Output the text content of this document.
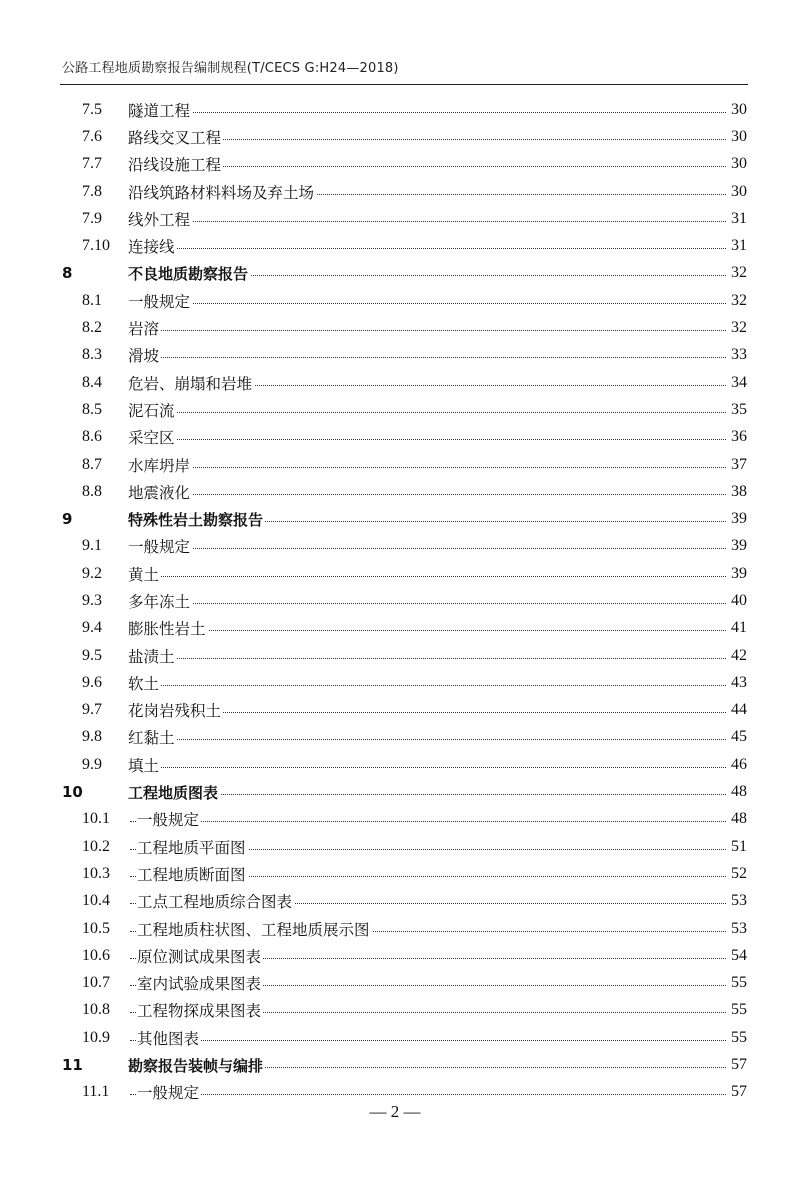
公路工程地质勘察报告编制规程(T/CECS G:H24—2018)
7.5	隧道工程	30
7.6	路线交叉工程	30
7.7	沿线设施工程	30
7.8	沿线筑路材料料场及弃土场	30
7.9	线外工程	31
7.10	连接线	31
8	不良地质勘察报告	32
8.1	一般规定	32
8.2	岩溶	32
8.3	滑坡	33
8.4	危岩、崩塌和岩堆	34
8.5	泥石流	35
8.6	采空区	36
8.7	水库坍岸	37
8.8	地震液化	38
9	特殊性岩土勘察报告	39
9.1	一般规定	39
9.2	黄土	39
9.3	多年冻土	40
9.4	膨胀性岩土	41
9.5	盐渍土	42
9.6	软土	43
9.7	花岗岩残积土	44
9.8	红黏土	45
9.9	填土	46
10	工程地质图表	48
10.1	一般规定	48
10.2	工程地质平面图	51
10.3	工程地质断面图	52
10.4	工点工程地质综合图表	53
10.5	工程地质柱状图、工程地质展示图	53
10.6	原位测试成果图表	54
10.7	室内试验成果图表	55
10.8	工程物探成果图表	55
10.9	其他图表	55
11	勘察报告装帧与编排	57
11.1	一般规定	57
— 2 —
